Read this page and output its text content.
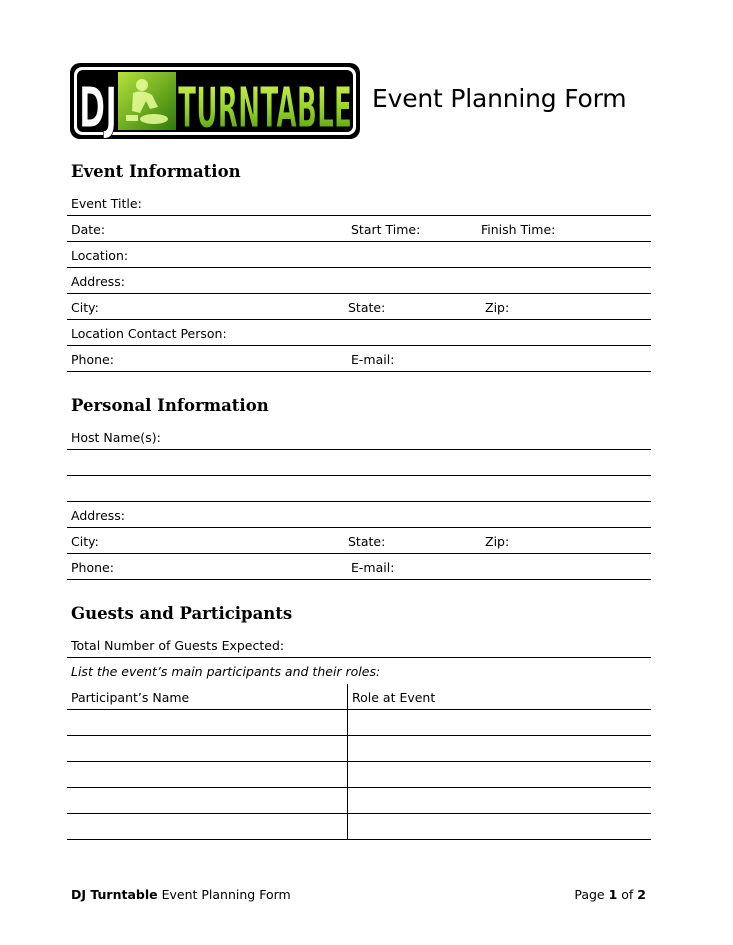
DJ TURNTABLE Event Planning Form
Event Information
Event Title:
Date:	Start Time:	Finish Time:
Location:
Address:
City:	State:	Zip:
Location Contact Person:
Phone:	E-mail:
Personal Information
Host Name(s):
Address:
City:	State:	Zip:
Phone:	E-mail:
Guests and Participants
Total Number of Guests Expected:
List the event’s main participants and their roles:
Participant’s Name	Role at Event
DJ Turntable Event Planning Form	Page 1 of 2
